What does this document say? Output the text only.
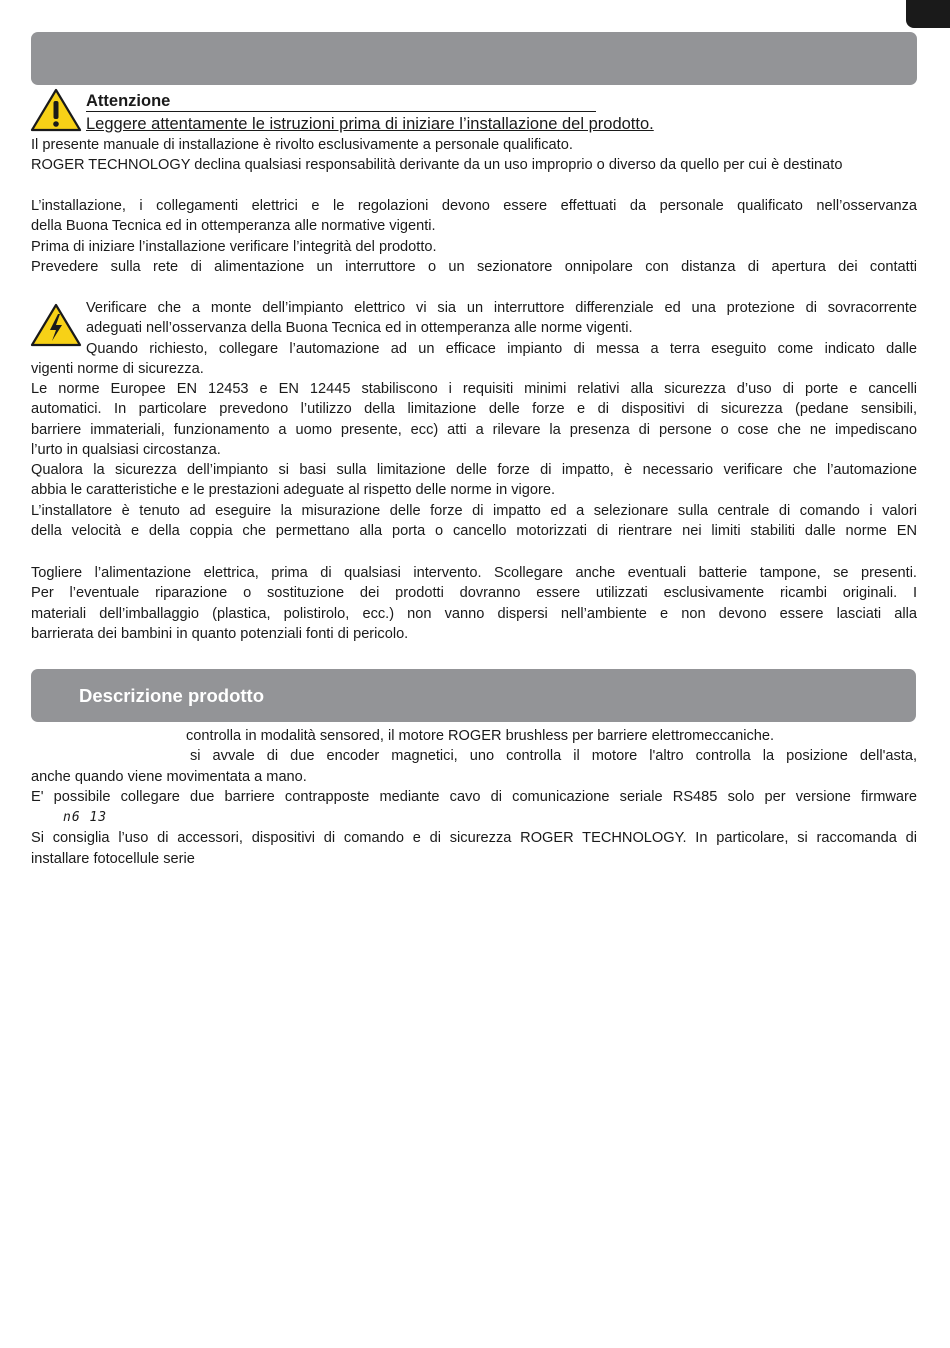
Attenzione
Leggere attentamente le istruzioni prima di iniziare l’installazione del prodotto.
Il presente manuale di installazione è rivolto esclusivamente a personale qualificato.
ROGER TECHNOLOGY declina qualsiasi responsabilità derivante da un uso improprio o diverso da quello per cui è destinato
L’installazione, i collegamenti elettrici e le regolazioni devono essere effettuati da personale qualificato nell’osservanza
della Buona Tecnica ed in ottemperanza alle normative vigenti.
Prima di iniziare l’installazione verificare l’integrità del prodotto.
Prevedere sulla rete di alimentazione un interruttore o un sezionatore onnipolare con distanza di apertura dei contatti
Verificare che a monte dell’impianto elettrico vi sia un interruttore differenziale ed una protezione di sovracorrente
adeguati nell’osservanza della Buona Tecnica ed in ottemperanza alle norme vigenti.
Quando richiesto, collegare l’automazione ad un efficace impianto di messa a terra eseguito come indicato dalle
vigenti norme di sicurezza.
Le norme Europee EN 12453 e EN 12445 stabiliscono i requisiti minimi relativi alla sicurezza d’uso di porte e cancelli
automatici. In particolare prevedono l’utilizzo della limitazione delle forze e di dispositivi di sicurezza (pedane sensibili,
barriere immateriali, funzionamento a uomo presente, ecc) atti a rilevare la presenza di persone o cose che ne impediscano
l’urto in qualsiasi circostanza.
Qualora la sicurezza dell’impianto si basi sulla limitazione delle forze di impatto, è necessario verificare che l’automazione
abbia le caratteristiche e le prestazioni adeguate al rispetto delle norme in vigore.
L’installatore è tenuto ad eseguire la misurazione delle forze di impatto ed a selezionare sulla centrale di comando i valori
della velocità e della coppia che permettano alla porta o cancello motorizzati di rientrare nei limiti stabiliti dalle norme EN
Togliere l’alimentazione elettrica, prima di qualsiasi intervento. Scollegare anche eventuali batterie tampone, se presenti.
Per l’eventuale riparazione o sostituzione dei prodotti dovranno essere utilizzati esclusivamente ricambi originali. I
materiali dell’imballaggio (plastica, polistirolo, ecc.) non vanno dispersi nell’ambiente e non devono essere lasciati alla
barrierata dei bambini in quanto potenziali fonti di pericolo.
Descrizione prodotto
controlla in modalità sensored, il motore ROGER brushless per barriere elettromeccaniche.
si avvale di due encoder magnetici, uno controlla il motore l'altro controlla la posizione dell'asta,
anche quando viene movimentata a mano.
E' possibile collegare due barriere contrapposte mediante cavo di comunicazione seriale RS485 solo per versione firmware
n6 13
Si consiglia l’uso di accessori, dispositivi di comando e di sicurezza ROGER TECHNOLOGY. In particolare, si raccomanda di
installare fotocellule serie
